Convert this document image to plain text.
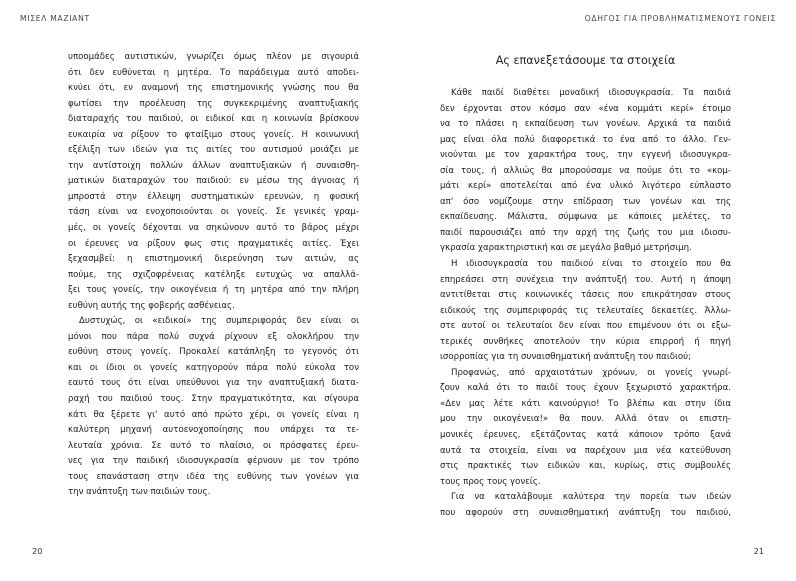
ΜΙΣΕΛ ΜΑΖΙΑΝΤ
υποομάδες αυτιστικών, γνωρίζει όμως πλέον με σιγουριά
ότι δεν ευθύνεται η μητέρα. Το παράδειγμα αυτό αποδει-
κνύει ότι, εν αναμονή της επιστημονικής γνώσης που θα
φωτίσει την προέλευση της συγκεκριμένης αναπτυξιακής
διαταραχής του παιδιού, οι ειδικοί και η κοινωνία βρίσκουν
ευκαιρία να ρίξουν το φταίξιμο στους γονείς. Η κοινωνική
εξέλιξη των ιδεών για τις αιτίες του αυτισμού μοιάζει με
την αντίστοιχη πολλών άλλων αναπτυξιακών ή συναισθη-
ματικών διαταραχών του παιδιού: εν μέσω της άγνοιας ή
μπροστά στην έλλειψη συστηματικών ερευνών, η φυσική
τάση είναι να ενοχοποιούνται οι γονείς. Σε γενικές γραμ-
μές, οι γονείς δέχονται να σηκώνουν αυτό το βάρος μέχρι
οι έρευνες να ρίξουν φως στις πραγματικές αιτίες. Έχει
ξεχασμβεί: η επιστημονική διερεύνηση των αιτιών, ας
πούμε, της σχιζοφρένειας κατέληξε ευτυχώς να απαλλά-
ξει τους γονείς, την οικογένεια ή τη μητέρα από την πλήρη
ευθύνη αυτής της φοβερής ασθένειας.
Δυστυχώς, οι «ειδικοί» της συμπεριφοράς δεν είναι οι
μόνοι που πάρα πολύ συχνά ρίχνουν εξ ολοκλήρου την
ευθύνη στους γονείς. Προκαλεί κατάπληξη το γεγονός ότι
και οι ίδιοι οι γονείς κατηγορούν πάρα πολύ εύκολα τον
εαυτό τους ότι είναι υπεύθυνοι για την αναπτυξιακή διατα-
ραχή του παιδιού τους. Στην πραγματικότητα, και σίγουρα
κάτι θα ξέρετε γι' αυτό από πρώτο χέρι, οι γονείς είναι η
καλύτερη μηχανή αυτοενοχοποίησης που υπάρχει τα τε-
λευταία χρόνια. Σε αυτό το πλαίσιο, οι πρόσφατες έρευ-
νες για την παιδική ιδιοσυγκρασία φέρνουν με τον τρόπο
τους επανάσταση στην ιδέα της ευθύνης των γονέων για
την ανάπτυξη των παιδιών τους.
20
ΟΔΗΓΟΣ ΓΙΑ ΠΡΟΒΛΗΜΑΤΙΣΜΕΝΟΥΣ ΓΟΝΕΙΣ
Ας επανεξετάσουμε τα στοιχεία
Κάθε παιδί διαθέτει μοναδική ιδιοσυγκρασία. Τα παιδιά
δεν έρχονται στον κόσμο σαν «ένα κομμάτι κερί» έτοιμο
να το πλάσει η εκπαίδευση των γονέων. Αρχικά τα παιδιά
μας είναι όλα πολύ διαφορετικά το ένα από το άλλο. Γεν-
νιούνται με τον χαρακτήρα τους, την εγγενή ιδιοσυγκρα-
σία τους, ή αλλιώς θα μπορούσαμε να πούμε ότι το «κομ-
μάτι κερί» αποτελείται από ένα υλικό λιγότερο εύπλαστο
απ' όσο νομίζουμε στην επίδραση των γονέων και της
εκπαίδευσης. Μάλιστα, σύμφωνα με κάποιες μελέτες, το
παιδί παρουσιάζει από την αρχή της ζωής του μια ιδιοσυ-
γκρασία χαρακτηριστική και σε μεγάλο βαθμό μετρήσιμη.
Η ιδιοσυγκρασία του παιδιού είναι το στοιχείο που θα
επηρεάσει στη συνέχεια την ανάπτυξή του. Αυτή η άποψη
αντιτίθεται στις κοινωνικές τάσεις που επικράτησαν στους
ειδικούς της συμπεριφοράς τις τελευταίες δεκαετίες. Άλλω-
στε αυτοί οι τελευταίοι δεν είναι που επιμένουν ότι οι εξω-
τερικές συνθήκες αποτελούν την κύρια επιρροή ή πηγή
ισορροπίας για τη συναισθηματική ανάπτυξη του παιδιού;
Προφανώς, από αρχαιοτάτων χρόνων, οι γονείς γνωρί-
ζουν καλά ότι το παιδί τους έχουν ξεχωριστό χαρακτήρα.
«Δεν μας λέτε κάτι καινούργιο! Το βλέπω και στην ίδια
μου την οικογένεια!» θα πουν. Αλλά όταν οι επιστη-
μονικές έρευνες, εξετάζοντας κατά κάποιον τρόπο ξανά
αυτά τα στοιχεία, είναι να παρέχουν μια νέα κατεύθυνση
στις πρακτικές των ειδικών και, κυρίως, στις συμβουλές
τους προς τους γονείς.
Για να καταλάβουμε καλύτερα την πορεία των ιδεών
που αφορούν στη συναισθηματική ανάπτυξη του παιδιού,
21
